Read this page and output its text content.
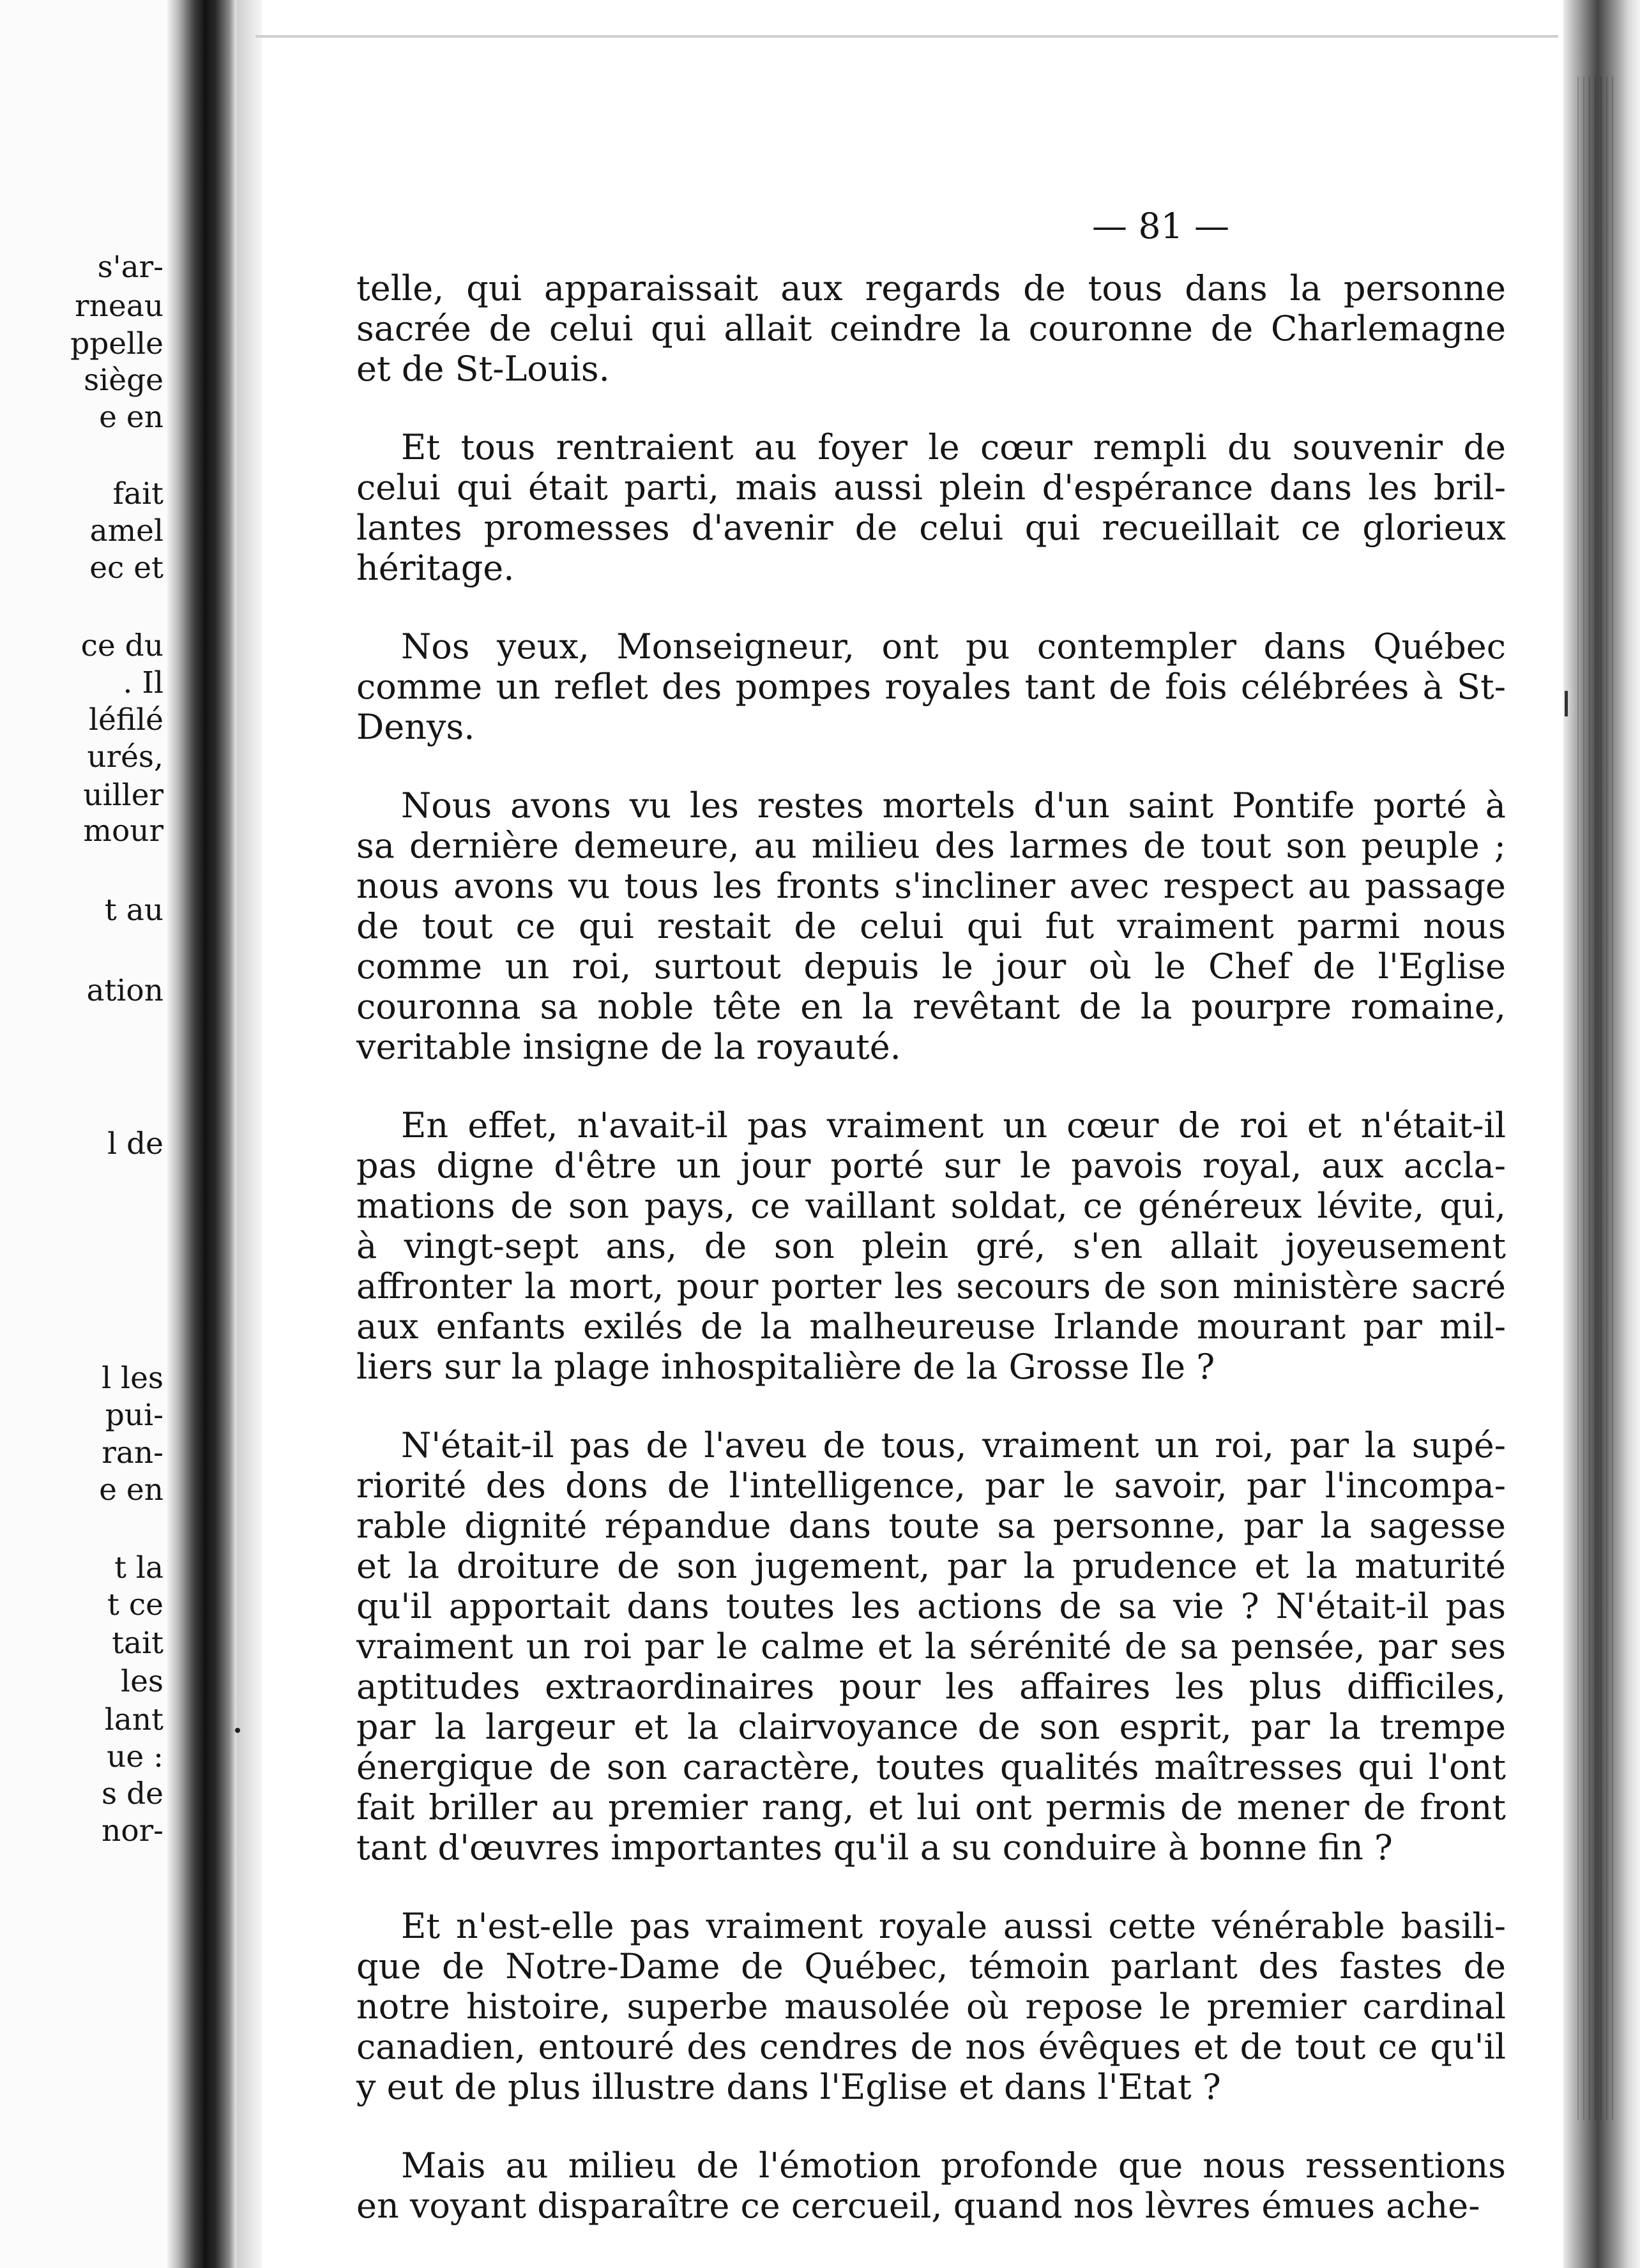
s'ar-
rneau
ppelle
siège
e en
fait
amel
ec et
ce du
. Il
léfilé
urés,
uiller
mour
t au
ation
l de
l les
pui-
ran-
e en
t la
t ce
tait
les
lant
ue :
s de
nor-
— 81 —
telle, qui apparaissait aux regards de tous dans la personne
sacrée de celui qui allait ceindre la couronne de Charlemagne
et de St-Louis.
Et tous rentraient au foyer le cœur rempli du souvenir de
celui qui était parti, mais aussi plein d'espérance dans les bril-
lantes promesses d'avenir de celui qui recueillait ce glorieux
héritage.
Nos yeux, Monseigneur, ont pu contempler dans Québec
comme un reflet des pompes royales tant de fois célébrées à St-
Denys.
Nous avons vu les restes mortels d'un saint Pontife porté à
sa dernière demeure, au milieu des larmes de tout son peuple ;
nous avons vu tous les fronts s'incliner avec respect au passage
de tout ce qui restait de celui qui fut vraiment parmi nous
comme un roi, surtout depuis le jour où le Chef de l'Eglise
couronna sa noble tête en la revêtant de la pourpre romaine,
veritable insigne de la royauté.
En effet, n'avait-il pas vraiment un cœur de roi et n'était-il
pas digne d'être un jour porté sur le pavois royal, aux accla-
mations de son pays, ce vaillant soldat, ce généreux lévite, qui,
à vingt-sept ans, de son plein gré, s'en allait joyeusement
affronter la mort, pour porter les secours de son ministère sacré
aux enfants exilés de la malheureuse Irlande mourant par mil-
liers sur la plage inhospitalière de la Grosse Ile ?
N'était-il pas de l'aveu de tous, vraiment un roi, par la supé-
riorité des dons de l'intelligence, par le savoir, par l'incompa-
rable dignité répandue dans toute sa personne, par la sagesse
et la droiture de son jugement, par la prudence et la maturité
qu'il apportait dans toutes les actions de sa vie ? N'était-il pas
vraiment un roi par le calme et la sérénité de sa pensée, par ses
aptitudes extraordinaires pour les affaires les plus difficiles,
par la largeur et la clairvoyance de son esprit, par la trempe
énergique de son caractère, toutes qualités maîtresses qui l'ont
fait briller au premier rang, et lui ont permis de mener de front
tant d'œuvres importantes qu'il a su conduire à bonne fin ?
Et n'est-elle pas vraiment royale aussi cette vénérable basili-
que de Notre-Dame de Québec, témoin parlant des fastes de
notre histoire, superbe mausolée où repose le premier cardinal
canadien, entouré des cendres de nos évêques et de tout ce qu'il
y eut de plus illustre dans l'Eglise et dans l'Etat ?
Mais au milieu de l'émotion profonde que nous ressentions
en voyant disparaître ce cercueil, quand nos lèvres émues ache-
